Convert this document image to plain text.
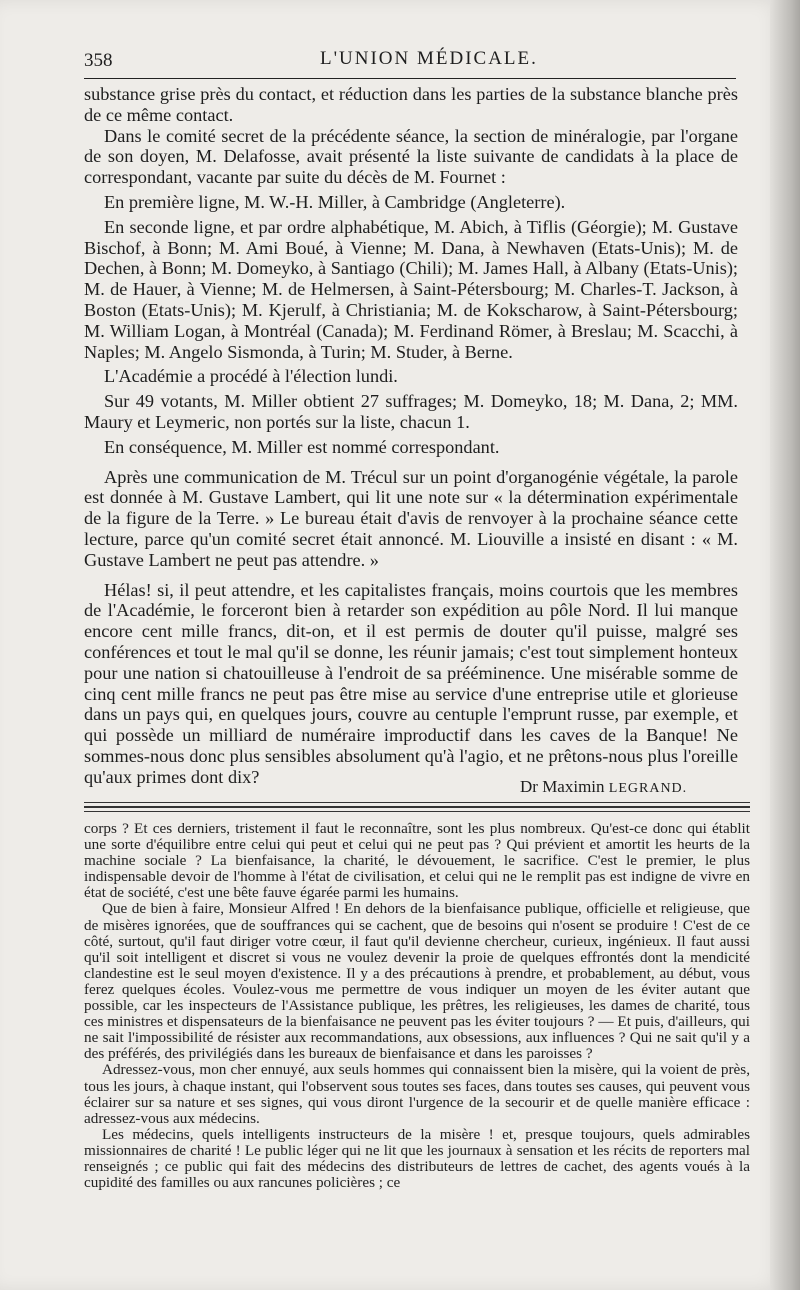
358	L'UNION MÉDICALE.

substance grise près du contact, et réduction dans les parties de la substance blanche près de ce même contact.

Dans le comité secret de la précédente séance, la section de minéralogie, par l'organe de son doyen, M. Delafosse, avait présenté la liste suivante de candidats à la place de correspondant, vacante par suite du décès de M. Fournet :

En première ligne, M. W.-H. Miller, à Cambridge (Angleterre).

En seconde ligne, et par ordre alphabétique, M. Abich, à Tiflis (Géorgie); M. Gustave Bischof, à Bonn; M. Ami Boué, à Vienne; M. Dana, à Newhaven (Etats-Unis); M. de Dechen, à Bonn; M. Domeyko, à Santiago (Chili); M. James Hall, à Albany (Etats-Unis); M. de Hauer, à Vienne; M. de Helmersen, à Saint-Pétersbourg; M. Charles-T. Jackson, à Boston (Etats-Unis); M. Kjerulf, à Christiania; M. de Kokscharow, à Saint-Pétersbourg; M. William Logan, à Montréal (Canada); M. Ferdinand Römer, à Breslau; M. Scacchi, à Naples; M. Angelo Sismonda, à Turin; M. Studer, à Berne.

L'Académie a procédé à l'élection lundi.

Sur 49 votants, M. Miller obtient 27 suffrages; M. Domeyko, 18; M. Dana, 2; MM. Maury et Leymeric, non portés sur la liste, chacun 1.

En conséquence, M. Miller est nommé correspondant.

Après une communication de M. Trécul sur un point d'organogénie végétale, la parole est donnée à M. Gustave Lambert, qui lit une note sur « la détermination expérimentale de la figure de la Terre. » Le bureau était d'avis de renvoyer à la prochaine séance cette lecture, parce qu'un comité secret était annoncé. M. Liouville a insisté en disant : « M. Gustave Lambert ne peut pas attendre. »

Hélas! si, il peut attendre, et les capitalistes français, moins courtois que les membres de l'Académie, le forceront bien à retarder son expédition au pôle Nord. Il lui manque encore cent mille francs, dit-on, et il est permis de douter qu'il puisse, malgré ses conférences et tout le mal qu'il se donne, les réunir jamais; c'est tout simplement honteux pour une nation si chatouilleuse à l'endroit de sa prééminence. Une misérable somme de cinq cent mille francs ne peut pas être mise au service d'une entreprise utile et glorieuse dans un pays qui, en quelques jours, couvre au centuple l'emprunt russe, par exemple, et qui possède un milliard de numéraire improductif dans les caves de la Banque! Ne sommes-nous donc plus sensibles absolument qu'à l'agio, et ne prêtons-nous plus l'oreille qu'aux primes dont dix?	Dr Maximin LEGRAND.

corps ? Et ces derniers, tristement il faut le reconnaître, sont les plus nombreux. Qu'est-ce donc qui établit une sorte d'équilibre entre celui qui peut et celui qui ne peut pas ? Qui prévient et amortit les heurts de la machine sociale ? La bienfaisance, la charité, le dévouement, le sacrifice. C'est le premier, le plus indispensable devoir de l'homme à l'état de civilisation, et celui qui ne le remplit pas est indigne de vivre en état de société, c'est une bête fauve égarée parmi les humains.

Que de bien à faire, Monsieur Alfred ! En dehors de la bienfaisance publique, officielle et religieuse, que de misères ignorées, que de souffrances qui se cachent, que de besoins qui n'osent se produire ! C'est de ce côté, surtout, qu'il faut diriger votre cœur, il faut qu'il devienne chercheur, curieux, ingénieux. Il faut aussi qu'il soit intelligent et discret si vous ne voulez devenir la proie de quelques effrontés dont la mendicité clandestine est le seul moyen d'existence. Il y a des précautions à prendre, et probablement, au début, vous ferez quelques écoles. Voulez-vous me permettre de vous indiquer un moyen de les éviter autant que possible, car les inspecteurs de l'Assistance publique, les prêtres, les religieuses, les dames de charité, tous ces ministres et dispensateurs de la bienfaisance ne peuvent pas les éviter toujours ? — Et puis, d'ailleurs, qui ne sait l'impossibilité de résister aux recommandations, aux obsessions, aux influences ? Qui ne sait qu'il y a des préférés, des privilégiés dans les bureaux de bienfaisance et dans les paroisses ?

Adressez-vous, mon cher ennuyé, aux seuls hommes qui connaissent bien la misère, qui la voient de près, tous les jours, à chaque instant, qui l'observent sous toutes ses faces, dans toutes ses causes, qui peuvent vous éclairer sur sa nature et ses signes, qui vous diront l'urgence de la secourir et de quelle manière efficace : adressez-vous aux médecins.

Les médecins, quels intelligents instructeurs de la misère ! et, presque toujours, quels admirables missionnaires de charité ! Le public léger qui ne lit que les journaux à sensation et les récits de reporters mal renseignés ; ce public qui fait des médecins des distributeurs de lettres de cachet, des agents voués à la cupidité des familles ou aux rancunes policières ; ce
